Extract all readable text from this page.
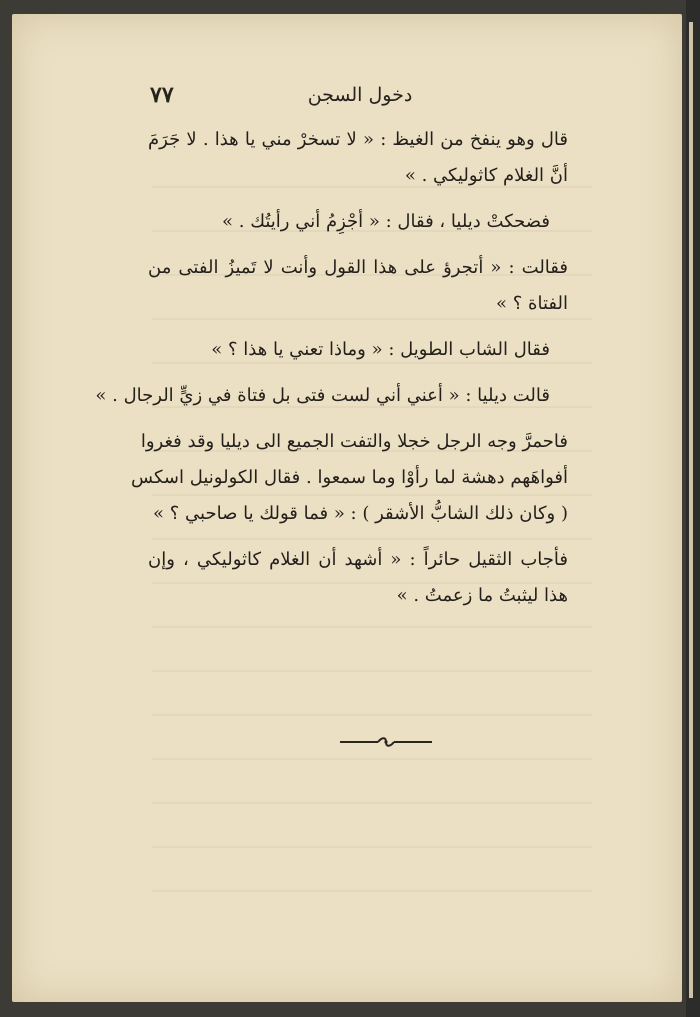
٧٧	دخول السجن
قال وهو ينفخ من الغيظ : « لا تسخرْ مني يا هذا . لا جَرَمَ
أنَّ الغلام كاثوليكي . »
فضحكتْ ديليا ، فقال : « أجْزِمُ أني رأيتُك . »
فقالت : « أتجرؤ على هذا القول وأنت لا تَميزُ الفتى من
الفتاة ؟ »
فقال الشاب الطويل : « وماذا تعني يا هذا ؟ »
قالت ديليا : « أعني أني لست فتى بل فتاة في زيٍّ الرجال . »
فاحمرَّ وجه الرجل خجلا والتفت الجميع الى ديليا وقد فغروا
أفواهَهم دهشة لما رأوْا وما سمعوا . فقال الكولونيل اسكس
( وكان ذلك الشابُّ الأشقر ) : « فما قولك يا صاحبي ؟ »
فأجاب الثقيل حائراً : « أشهد أن الغلام كاثوليكي ، وإن
هذا ليثبتُ ما زعمتُ . »
